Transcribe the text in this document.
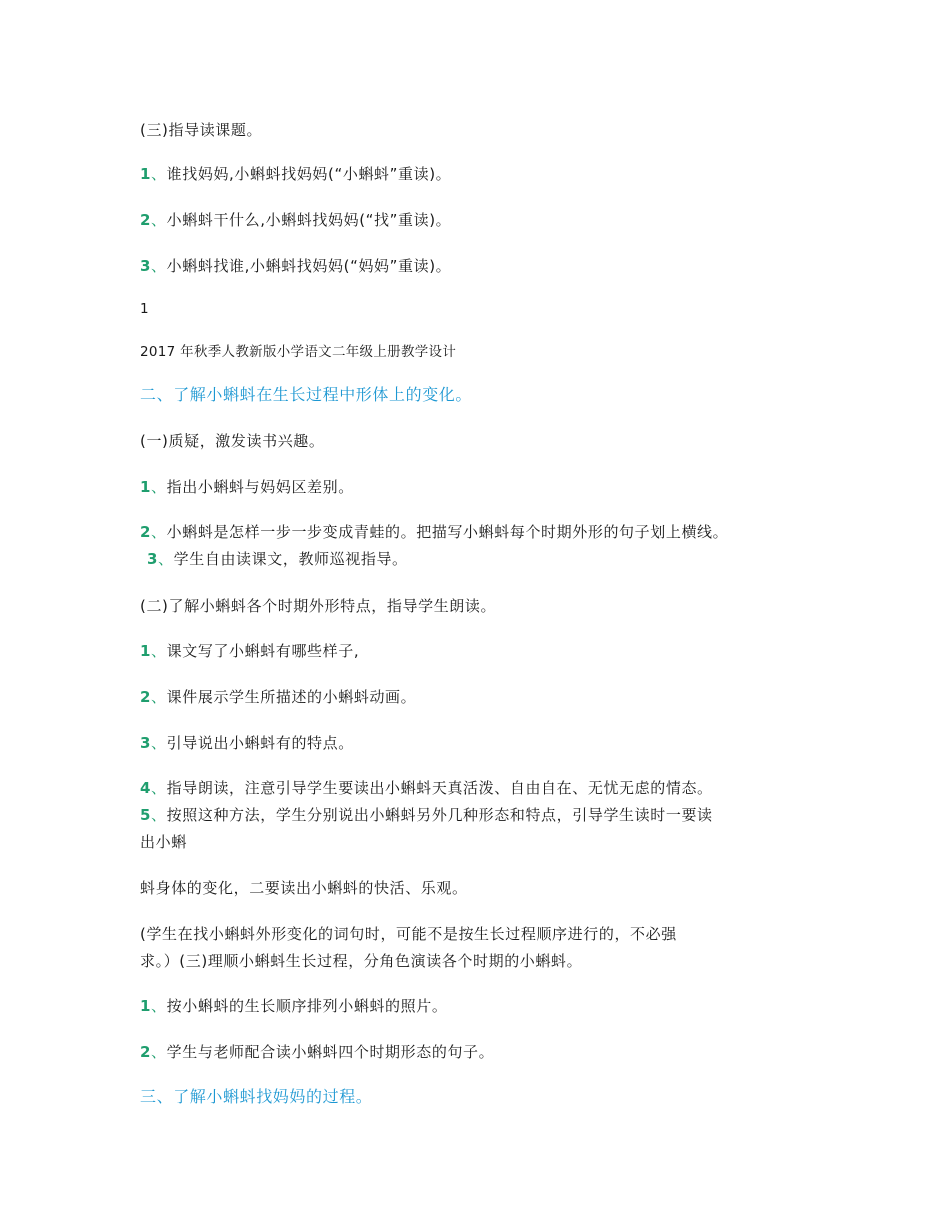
(三)指导读课题。
1、谁找妈妈,小蝌蚪找妈妈(“小蝌蚪”重读)。
2、小蝌蚪干什么,小蝌蚪找妈妈(“找”重读)。
3、小蝌蚪找谁,小蝌蚪找妈妈(“妈妈”重读)。
1
2017 年秋季人教新版小学语文二年级上册教学设计
二、了解小蝌蚪在生长过程中形体上的变化。
(一)质疑，激发读书兴趣。
1、指出小蝌蚪与妈妈区差别。
2、小蝌蚪是怎样一步一步变成青蛙的。把描写小蝌蚪每个时期外形的句子划上横线。
3、学生自由读课文，教师巡视指导。
(二)了解小蝌蚪各个时期外形特点，指导学生朗读。
1、课文写了小蝌蚪有哪些样子,
2、课件展示学生所描述的小蝌蚪动画。
3、引导说出小蝌蚪有的特点。
4、指导朗读，注意引导学生要读出小蝌蚪天真活泼、自由自在、无忧无虑的情态。
5、按照这种方法，学生分别说出小蝌蚪另外几种形态和特点，引导学生读时一要读
出小蝌
蚪身体的变化，二要读出小蝌蚪的快活、乐观。
(学生在找小蝌蚪外形变化的词句时，可能不是按生长过程顺序进行的，不必强
求。）(三)理顺小蝌蚪生长过程，分角色演读各个时期的小蝌蚪。
1、按小蝌蚪的生长顺序排列小蝌蚪的照片。
2、学生与老师配合读小蝌蚪四个时期形态的句子。
三、了解小蝌蚪找妈妈的过程。
